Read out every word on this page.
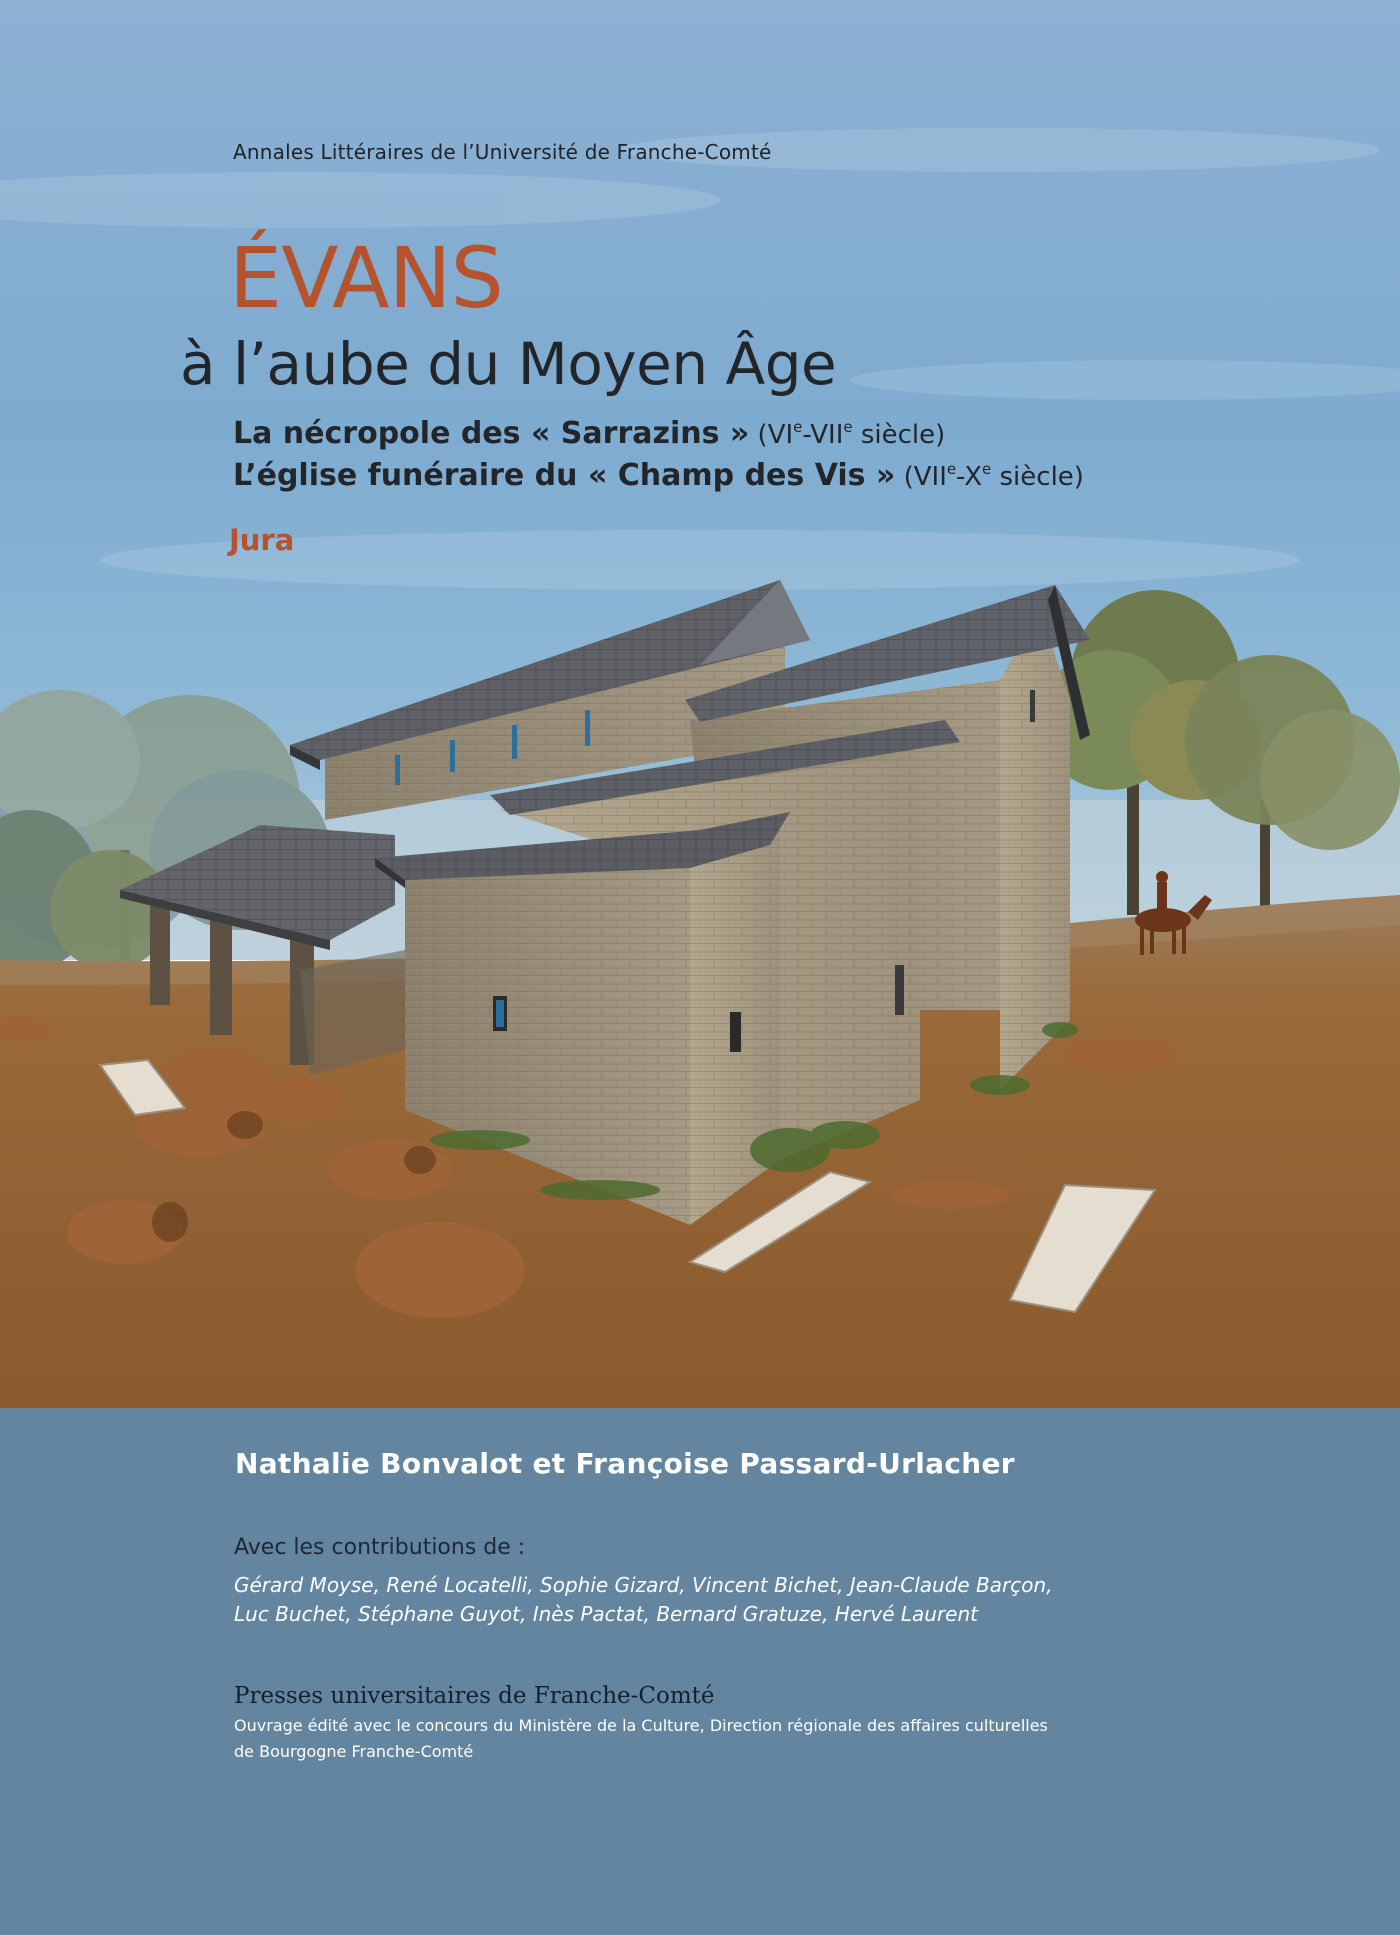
Annales Littéraires de l’Université de Franche-Comté
ÉVANS
à l’aube du Moyen Âge
La nécropole des « Sarrazins » (VIe-VIIe siècle)
L’église funéraire du « Champ des Vis » (VIIe-Xe siècle)
Jura
Nathalie Bonvalot et Françoise Passard-Urlacher
Avec les contributions de :
Gérard Moyse, René Locatelli, Sophie Gizard, Vincent Bichet, Jean-Claude Barçon,
Luc Buchet, Stéphane Guyot, Inès Pactat, Bernard Gratuze, Hervé Laurent
Presses universitaires de Franche-Comté
Ouvrage édité avec le concours du Ministère de la Culture, Direction régionale des affaires culturelles
de Bourgogne Franche-Comté
